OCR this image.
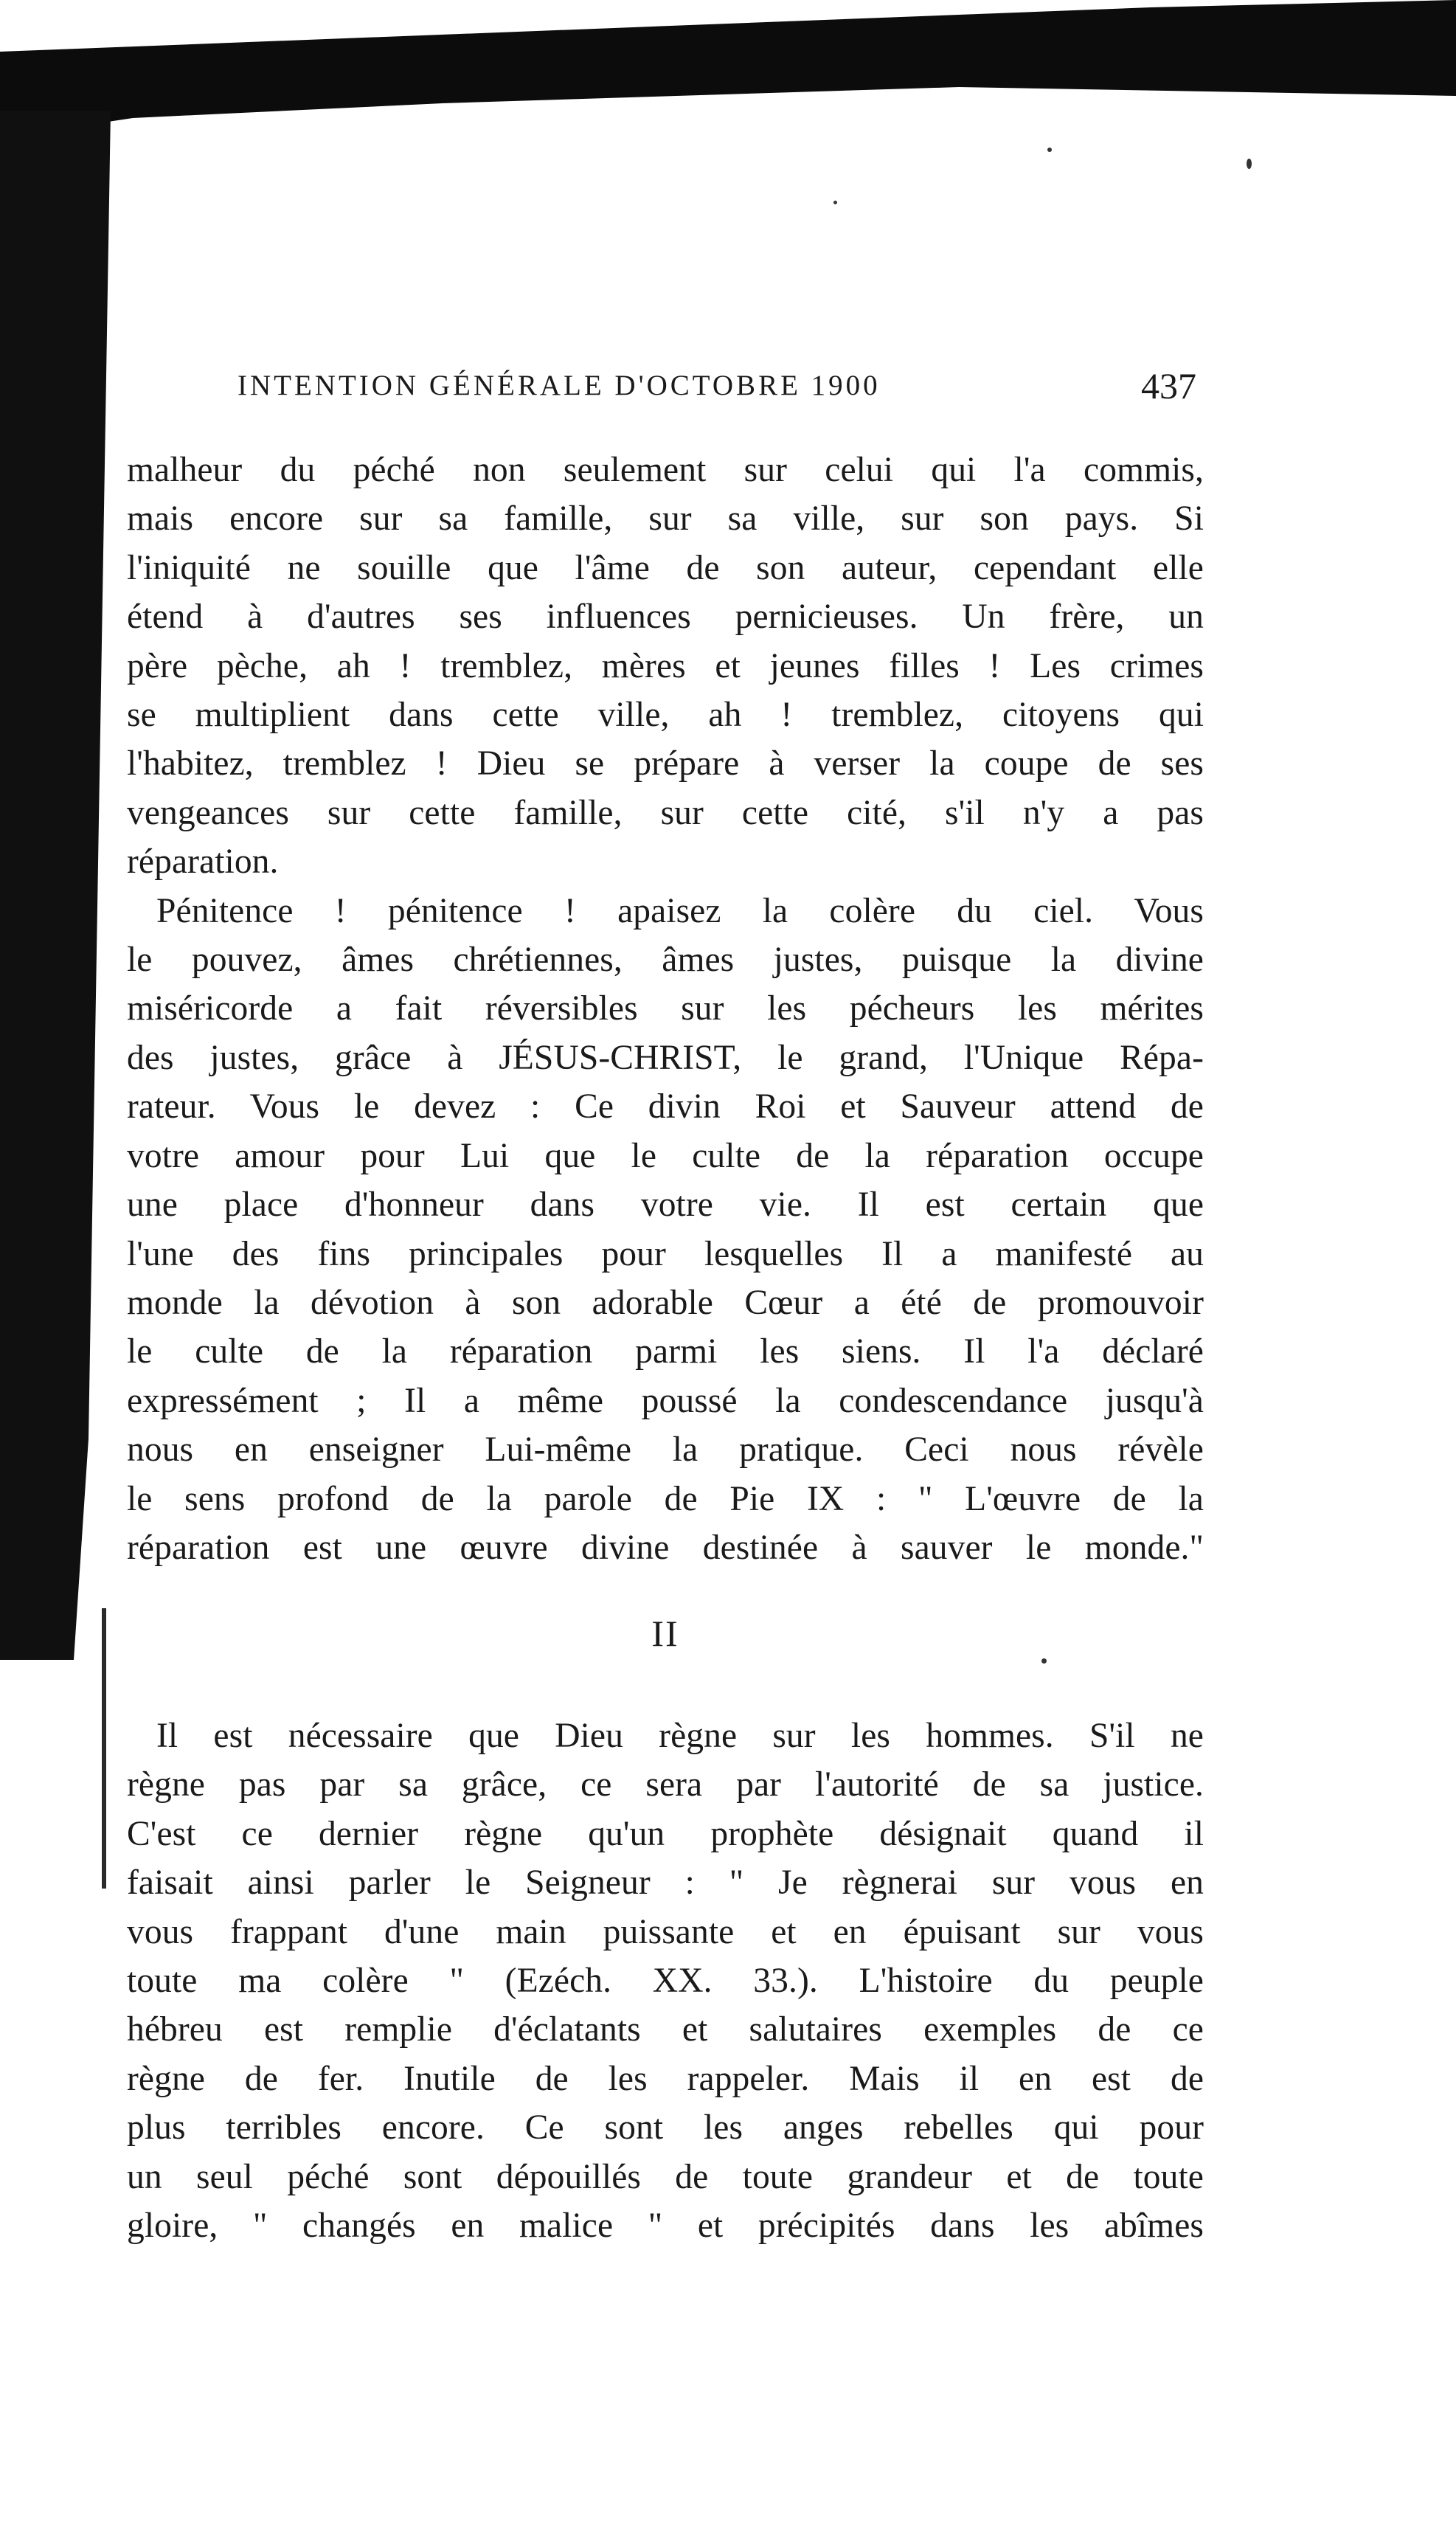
INTENTION GÉNÉRALE D'OCTOBRE 1900	437

malheur du péché non seulement sur celui qui l'a commis,
mais encore sur sa famille, sur sa ville, sur son pays. Si
l'iniquité ne souille que l'âme de son auteur, cependant elle
étend à d'autres ses influences pernicieuses. Un frère, un
père pèche, ah ! tremblez, mères et jeunes filles ! Les crimes
se multiplient dans cette ville, ah ! tremblez, citoyens qui
l'habitez, tremblez ! Dieu se prépare à verser la coupe de ses
vengeances sur cette famille, sur cette cité, s'il n'y a pas
réparation.

Pénitence ! pénitence ! apaisez la colère du ciel. Vous
le pouvez, âmes chrétiennes, âmes justes, puisque la divine
miséricorde a fait réversibles sur les pécheurs les mérites
des justes, grâce à JÉSUS-CHRIST, le grand, l'Unique Répa-
rateur. Vous le devez : Ce divin Roi et Sauveur attend de
votre amour pour Lui que le culte de la réparation occupe
une place d'honneur dans votre vie. Il est certain que
l'une des fins principales pour lesquelles Il a manifesté au
monde la dévotion à son adorable Cœur a été de promouvoir
le culte de la réparation parmi les siens. Il l'a déclaré
expressément ; Il a même poussé la condescendance jusqu'à
nous en enseigner Lui-même la pratique. Ceci nous révèle
le sens profond de la parole de Pie IX : " L'œuvre de la
réparation est une œuvre divine destinée à sauver le monde."

II

Il est nécessaire que Dieu règne sur les hommes. S'il ne
règne pas par sa grâce, ce sera par l'autorité de sa justice.
C'est ce dernier règne qu'un prophète désignait quand il
faisait ainsi parler le Seigneur : " Je règnerai sur vous en
vous frappant d'une main puissante et en épuisant sur vous
toute ma colère " (Ezéch. XX. 33.). L'histoire du peuple
hébreu est remplie d'éclatants et salutaires exemples de ce
règne de fer. Inutile de les rappeler. Mais il en est de
plus terribles encore. Ce sont les anges rebelles qui pour
un seul péché sont dépouillés de toute grandeur et de toute
gloire, " changés en malice " et précipités dans les abîmes
